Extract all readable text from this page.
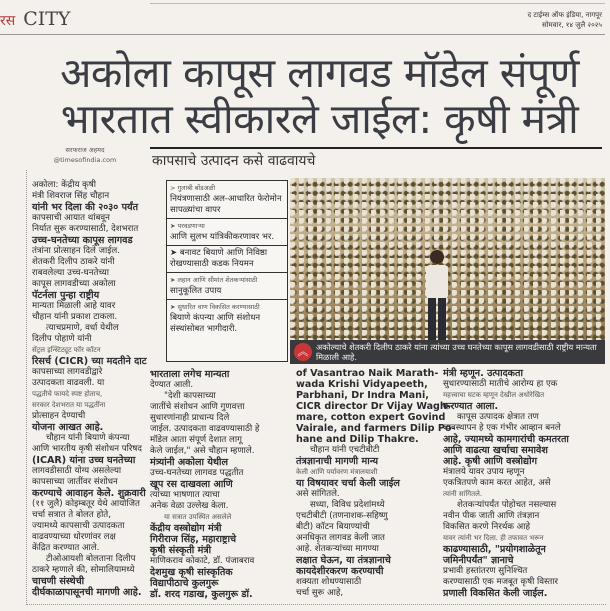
रस CITY	द टाईम्स ऑफ इंडिया, नागपूर
सोमवार, १४ जुलै २०२५
अकोला कापूस लागवड मॉडेल संपूर्ण
भारतात स्वीकारले जाईल: कृषी मंत्री
सरफराज अहमद
@timesofindia.com	कापसाचे उत्पादन कसे वाढवायचे
> गुलाबी बोंडअळी
नियंत्रणासाठी अल-आधारित फेरोमोन सापळ्यांचा वापर
➤ परवडणाऱ्या
आणि सुलभ यांत्रिकीकरणावर भर.
➤ बनावट बियाणे आणि निविष्ठा रोखण्यासाठी कडक नियमन
➤ लहान आणि सीमांत शेतकऱ्यांसाठी
सानुकूलित उपाय
➤ सुधारित वाण विकसित करण्यासाठी
बियाणे कंपन्या आणि संशोधन संस्थांसोबत भागीदारी.
अकोल्याचे शेतकरी दिलीप ठाकरे यांना त्यांच्या उच्च घनतेच्या कापूस लागवडीसाठी राष्ट्रीय मान्यता मिळाली आहे.
︽
अकोला: केंद्रीय कृषी
मंत्री शिवराज सिंह चौहान
यांनी भर दिला की २०३० पर्यंत
कापसाची आयात थांबवून
निर्यात सुरू करण्यासाठी, देशभरात
उच्च-घनतेच्या कापूस लागवड
तंत्रांना प्रोत्साहन दिले जाईल.
शेतकरी दिलीप ठाकरे यांनी
राबवलेल्या उच्च-घनतेच्या
कापूस लागवडीच्या अकोला
पॅटर्नला पुन्हा राष्ट्रीय
मान्यता मिळाली आहे यावर
चौहान यांनी प्रकाश टाकला.
त्याचप्रमाणे, वर्धा येथील
दिलीप पोहाणे यांनी
सेंट्रल इन्स्टिट्यूट फॉर कॉटन
रिसर्च (CICR) च्या मदतीने दाट
कापसाच्या लागवडीद्वारे
उत्पादकता वाढवली. या
पद्धतीचे फायदे स्पष्ट होताच,
सरकार देशभरात या पद्धतींना
प्रोत्साहन देण्याची
योजना आखत आहे.
चौहान यांनी बियाणे कंपन्या
आणि भारतीय कृषी संशोधन परिषद
(ICAR) यांना उच्च घनतेच्या
लागवडीसाठी योग्य असलेल्या
कापसाच्या जातींवर संशोधन
करण्याचे आवाहन केले. शुक्रवारी
(११ जुलै) कोइम्बतूर येथे आयोजित
चर्चा सत्रात ते बोलत होते,
ज्यामध्ये कापसाची उत्पादकता
वाढवण्याच्या धोरणांवर लक्ष
केंद्रित करण्यात आले.
टीओआयशी बोलताना दिलीप
ठाकरे म्हणाले की, सोमालियामध्ये
चाचणी संस्थेची
दीर्घकाळापासूनची मागणी आहे.
भारताला लगेच मान्यता
देण्यात आली.
"देशी कापसाच्या
जातींचे संशोधन आणि गुणवत्ता
सुधारणांनाही प्राधान्य दिले
जाईल. उत्पादकता वाढवण्यासाठी हे
मॉडेल आता संपूर्ण देशात लागू
केले जाईल," असे चौहान म्हणाले.
मंत्र्यांनी अकोला येथील
उच्च-घनतेच्या लागवड पद्धतीत
खूप रस दाखवला आणि
त्यांच्या भाषणात त्याचा
अनेक वेळा उल्लेख केला.
या सत्रात उपस्थित असलेले
केंद्रीय वस्त्रोद्योग मंत्री
गिरीराज सिंह, महाराष्ट्राचे
कृषी संस्कृती मंत्री
माणिकराव कोकाटे, डॉ. पंजाबराव
देशमुख कृषी सांस्कृतिक
विद्यापीठाचे कुलगुरू
डॉ. शरद गडाख, कुलगुरू डॉ.
of Vasantrao Naik Marath-
wada Krishi Vidyapeeth,
Parbhani, Dr Indra Mani,
CICR director Dr Vijay Wagh-
mare, cotton expert Govind
Vairale, and farmers Dilip Po-
hane and Dilip Thakre.
चौहान यांनी एचटीबीटी
तंत्रज्ञानाची मागणी मान्य
केली आणि पर्यावरण मंत्रालयाशी
या विषयावर चर्चा केली जाईल
असे सांगितले.
सध्या, विविध प्रदेशांमध्ये
एचटीबीटी (तणनाशक-सहिष्णु
बीटी) कॉटन बियाण्यांची
अनधिकृत लागवड केली जात
आहे. शेतकऱ्यांच्या मागण्या
लक्षात घेऊन, या तंत्रज्ञानाचे
कायदेशीरकरण करण्याची
शक्यता शोधण्यासाठी
चर्चा सुरू आहे,
मंत्री म्हणून. उत्पादकता
सुधारण्यासाठी मातीचे आरोग्य हा एक
महत्त्वाचा घटक म्हणून देखील अधोरेखित
करण्यात आला.
कापूस उत्पादक क्षेत्रात तण
व्यवस्थापन हे एक गंभीर आव्हान बनले
आहे, ज्यामध्ये कामगारांची कमतरता
आणि वाढत्या खर्चाचा समावेश
आहे. कृषी आणि वस्त्रोद्योग
मंत्रालये यावर उपाय म्हणून
एकत्रितपणे काम करत आहेत, असे
त्यांनी सांगितले.
शेतकऱ्यांपर्यंत पोहोचत नसल्यास
नवीन पीक जाती आणि तंत्रज्ञान
विकसित करणे निरर्थक आहे
यावर त्यांनी भर दिला. ही तफावत भरून
काढण्यासाठी, "प्रयोगशाळेतून
जमिनीपर्यंत" ज्ञानाचे
प्रभावी हस्तांतरण सुनिश्चित
करण्यासाठी एक मजबूत कृषी विस्तार
प्रणाली विकसित केली जाईल.
